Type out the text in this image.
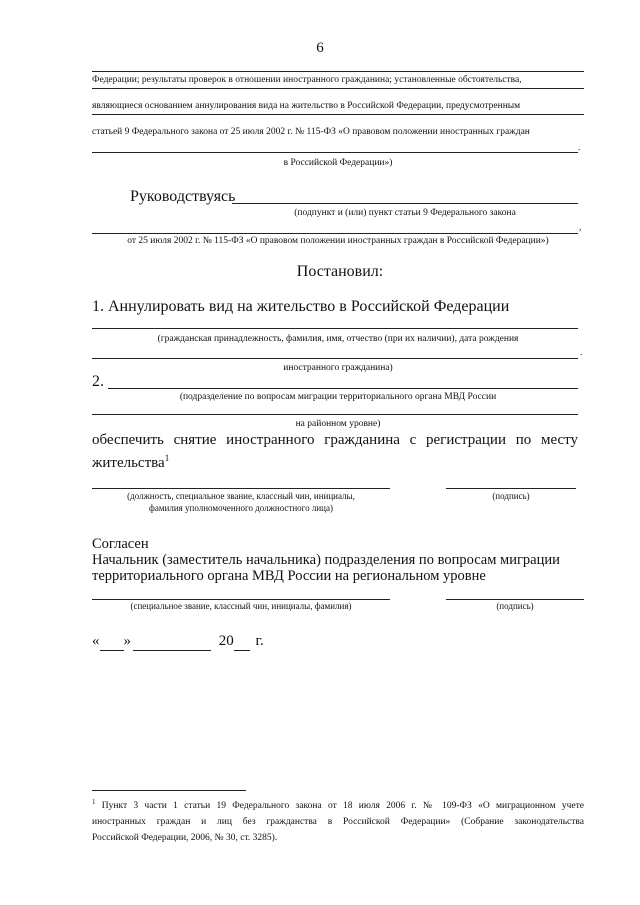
6
Федерации; результаты проверок в отношении иностранного гражданина; установленные обстоятельства,
являющиеся основанием аннулирования вида на жительство в Российской Федерации, предусмотренным
статьей 9 Федерального закона от 25 июля 2002 г. № 115-ФЗ «О правовом положении иностранных граждан
.
в Российской Федерации»)
Руководствуясь
(подпункт и (или) пункт статьи 9 Федерального закона
,
от 25 июля 2002 г. № 115-ФЗ «О правовом положении иностранных граждан в Российской Федерации»)
Постановил:
1. Аннулировать вид на жительство в Российской Федерации
(гражданская принадлежность, фамилия, имя, отчество (при их наличии), дата рождения
.
иностранного гражданина)
2.
(подразделение по вопросам миграции территориального органа МВД России
на районном уровне)
обеспечить снятие иностранного гражданина с регистрации по месту
жительства$^1$
(должность, специальное звание, классный чин, инициалы,
фамилия уполномоченного должностного лица)
(подпись)
Согласен
Начальник (заместитель начальника) подразделения по вопросам миграции
территориального органа МВД России на региональном уровне
(специальное звание, классный чин, инициалы, фамилия)	(подпись)
« »	20 г.
$^1$ Пункт 3 части 1 статьи 19 Федерального закона от 18 июля 2006 г. № 109-ФЗ «О миграционном учете
иностранных граждан и лиц без гражданства в Российской Федерации» (Собрание законодательства
Российской Федерации, 2006, № 30, ст. 3285).
